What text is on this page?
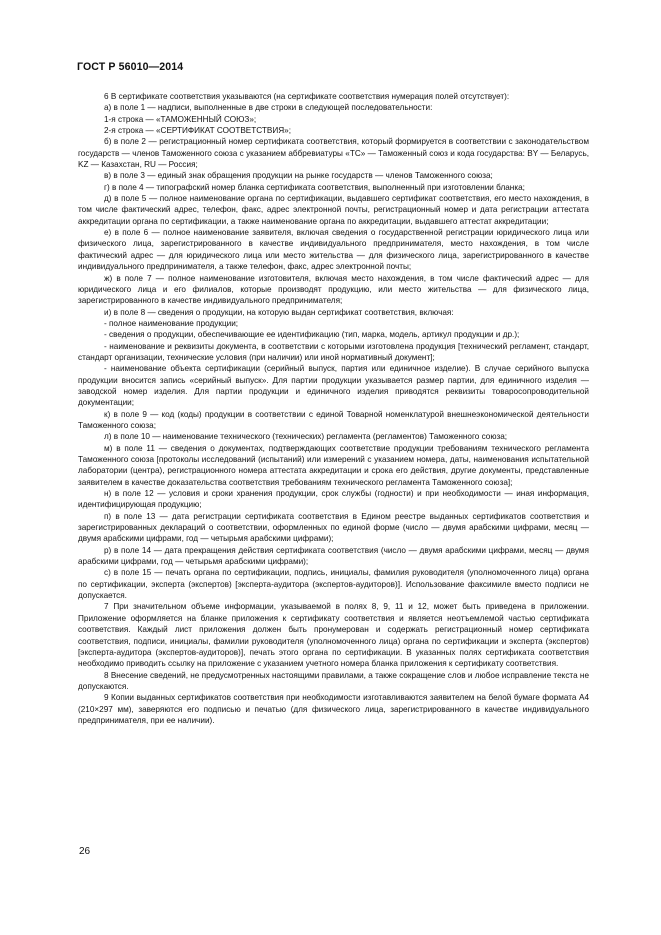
ГОСТ Р 56010—2014

6 В сертификате соответствия указываются (на сертификате соответствия нумерация полей отсутствует):

а) в поле 1 — надписи, выполненные в две строки в следующей последовательности:

1-я строка — «ТАМОЖЕННЫЙ СОЮЗ»;

2-я строка — «СЕРТИФИКАТ СООТВЕТСТВИЯ»;

б) в поле 2 — регистрационный номер сертификата соответствия, который формируется в соответствии с законодательством государств — членов Таможенного союза с указанием аббревиатуры «ТС» — Таможенный союз и кода государства: BY — Беларусь, KZ — Казахстан, RU — Россия;

в) в поле 3 — единый знак обращения продукции на рынке государств — членов Таможенного союза;

г) в поле 4 — типографский номер бланка сертификата соответствия, выполненный при изготовлении бланка;

д) в поле 5 — полное наименование органа по сертификации, выдавшего сертификат соответствия, его место нахождения, в том числе фактический адрес, телефон, факс, адрес электронной почты, регистрационный номер и дата регистрации аттестата аккредитации органа по сертификации, а также наименование органа по аккредитации, выдавшего аттестат аккредитации;

е) в поле 6 — полное наименование заявителя, включая сведения о государственной регистрации юридического лица или физического лица, зарегистрированного в качестве индивидуального предпринимателя, место нахождения, в том числе фактический адрес — для юридического лица или место жительства — для физического лица, зарегистрированного в качестве индивидуального предпринимателя, а также телефон, факс, адрес электронной почты;

ж) в поле 7 — полное наименование изготовителя, включая место нахождения, в том числе фактический адрес — для юридического лица и его филиалов, которые производят продукцию, или место жительства — для физического лица, зарегистрированного в качестве индивидуального предпринимателя;

и) в поле 8 — сведения о продукции, на которую выдан сертификат соответствия, включая:

- полное наименование продукции;

- сведения о продукции, обеспечивающие ее идентификацию (тип, марка, модель, артикул продукции и др.);

- наименование и реквизиты документа, в соответствии с которыми изготовлена продукция [технический регламент, стандарт, стандарт организации, технические условия (при наличии) или иной нормативный документ];

- наименование объекта сертификации (серийный выпуск, партия или единичное изделие). В случае серийного выпуска продукции вносится запись «серийный выпуск». Для партии продукции указывается размер партии, для единичного изделия — заводской номер изделия. Для партии продукции и единичного изделия приводятся реквизиты товаросопроводительной документации;

к) в поле 9 — код (коды) продукции в соответствии с единой Товарной номенклатурой внешнеэкономической деятельности Таможенного союза;

л) в поле 10 — наименование технического (технических) регламента (регламентов) Таможенного союза;

м) в поле 11 — сведения о документах, подтверждающих соответствие продукции требованиям технического регламента Таможенного союза [протоколы исследований (испытаний) или измерений с указанием номера, даты, наименования испытательной лаборатории (центра), регистрационного номера аттестата аккредитации и срока его действия, другие документы, представленные заявителем в качестве доказательства соответствия требованиям технического регламента Таможенного союза];

н) в поле 12 — условия и сроки хранения продукции, срок службы (годности) и при необходимости — иная информация, идентифицирующая продукцию;

п) в поле 13 — дата регистрации сертификата соответствия в Едином реестре выданных сертификатов соответствия и зарегистрированных деклараций о соответствии, оформленных по единой форме (число — двумя арабскими цифрами, месяц — двумя арабскими цифрами, год — четырьмя арабскими цифрами);

р) в поле 14 — дата прекращения действия сертификата соответствия (число — двумя арабскими цифрами, месяц — двумя арабскими цифрами, год — четырьмя арабскими цифрами);

с) в поле 15 — печать органа по сертификации, подпись, инициалы, фамилия руководителя (уполномоченного лица) органа по сертификации, эксперта (экспертов) [эксперта-аудитора (экспертов-аудиторов)]. Использование факсимиле вместо подписи не допускается.

7 При значительном объеме информации, указываемой в полях 8, 9, 11 и 12, может быть приведена в приложении. Приложение оформляется на бланке приложения к сертификату соответствия и является неотъемлемой частью сертификата соответствия. Каждый лист приложения должен быть пронумерован и содержать регистрационный номер сертификата соответствия, подписи, инициалы, фамилии руководителя (уполномоченного лица) органа по сертификации и эксперта (экспертов) [эксперта-аудитора (экспертов-аудиторов)], печать этого органа по сертификации. В указанных полях сертификата соответствия необходимо приводить ссылку на приложение с указанием учетного номера бланка приложения к сертификату соответствия.

8 Внесение сведений, не предусмотренных настоящими правилами, а также сокращение слов и любое исправление текста не допускаются.

9 Копии выданных сертификатов соответствия при необходимости изготавливаются заявителем на белой бумаге формата А4 (210×297 мм), заверяются его подписью и печатью (для физического лица, зарегистрированного в качестве индивидуального предпринимателя, при ее наличии).

26
